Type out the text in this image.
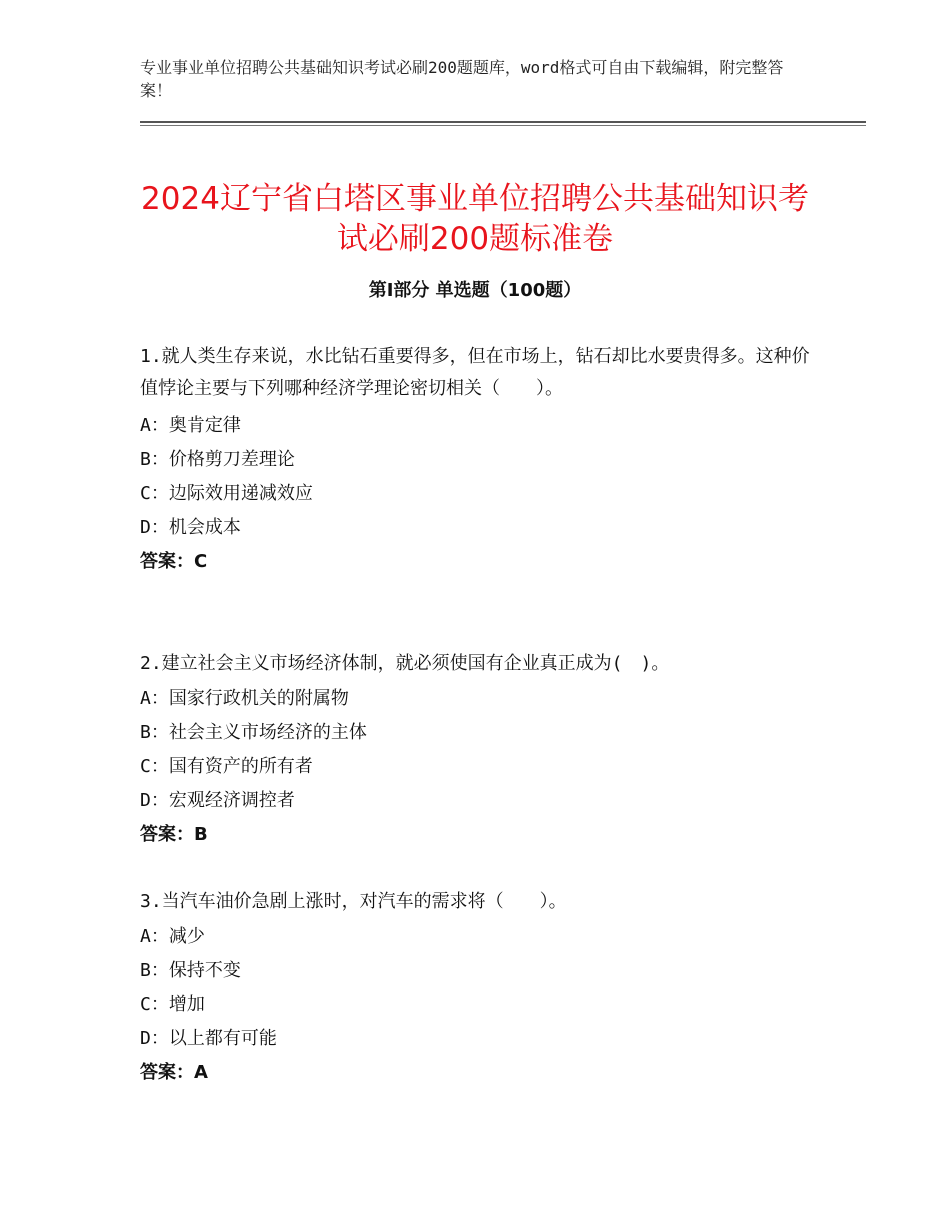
专业事业单位招聘公共基础知识考试必刷200题题库，word格式可自由下载编辑，附完整答案！
2024辽宁省白塔区事业单位招聘公共基础知识考试必刷200题标准卷
第Ⅰ部分 单选题（100题）

1.就人类生存来说，水比钻石重要得多，但在市场上，钻石却比水要贵得多。这种价值悖论主要与下列哪种经济学理论密切相关（　　）。

A：奥肯定律

B：价格剪刀差理论

C：边际效用递减效应

D：机会成本

答案：C

2.建立社会主义市场经济体制，就必须使国有企业真正成为(　)。

A：国家行政机关的附属物

B：社会主义市场经济的主体

C：国有资产的所有者

D：宏观经济调控者

答案：B

3.当汽车油价急剧上涨时，对汽车的需求将（　　）。

A：减少

B：保持不变

C：增加

D：以上都有可能

答案：A
